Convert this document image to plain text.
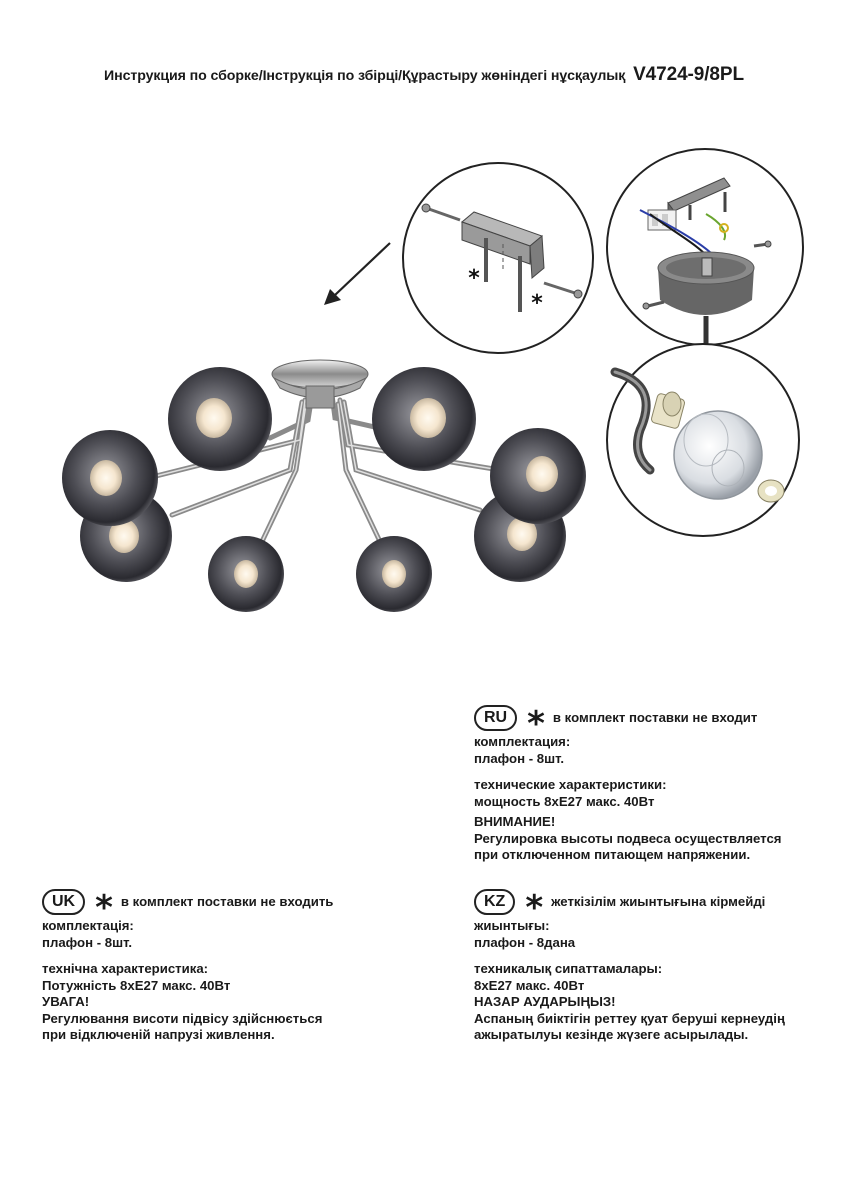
Инструкция по сборке/Інструкція по збірці/Құрастыру жөніндегі нұсқаулық V4724-9/8PL
*
*
RU * в комплект поставки не входит
комплектация:
плафон - 8шт.
технические характеристики:
мощность 8хЕ27 макс. 40Вт
ВНИМАНИЕ!
Регулировка высоты подвеса осуществляется
при отключенном питающем напряжении.
UK * в комплект поставки не входить
комплектація:
плафон - 8шт.
технічна характеристика:
Потужність 8хЕ27 макс. 40Вт
УВАГА!
Регулювання висоти підвісу здійснюється
при відключеній напрузі живлення.
KZ * жеткізілім жиынтығына кірмейді
жиынтығы:
плафон - 8дана
техникалық сипаттамалары:
8хЕ27 макс. 40Вт
НАЗАР АУДАРЫҢЫЗ!
Аспаның биіктігін реттеу қуат беруші кернеудің
ажыратылуы кезінде жүзеге асырылады.
